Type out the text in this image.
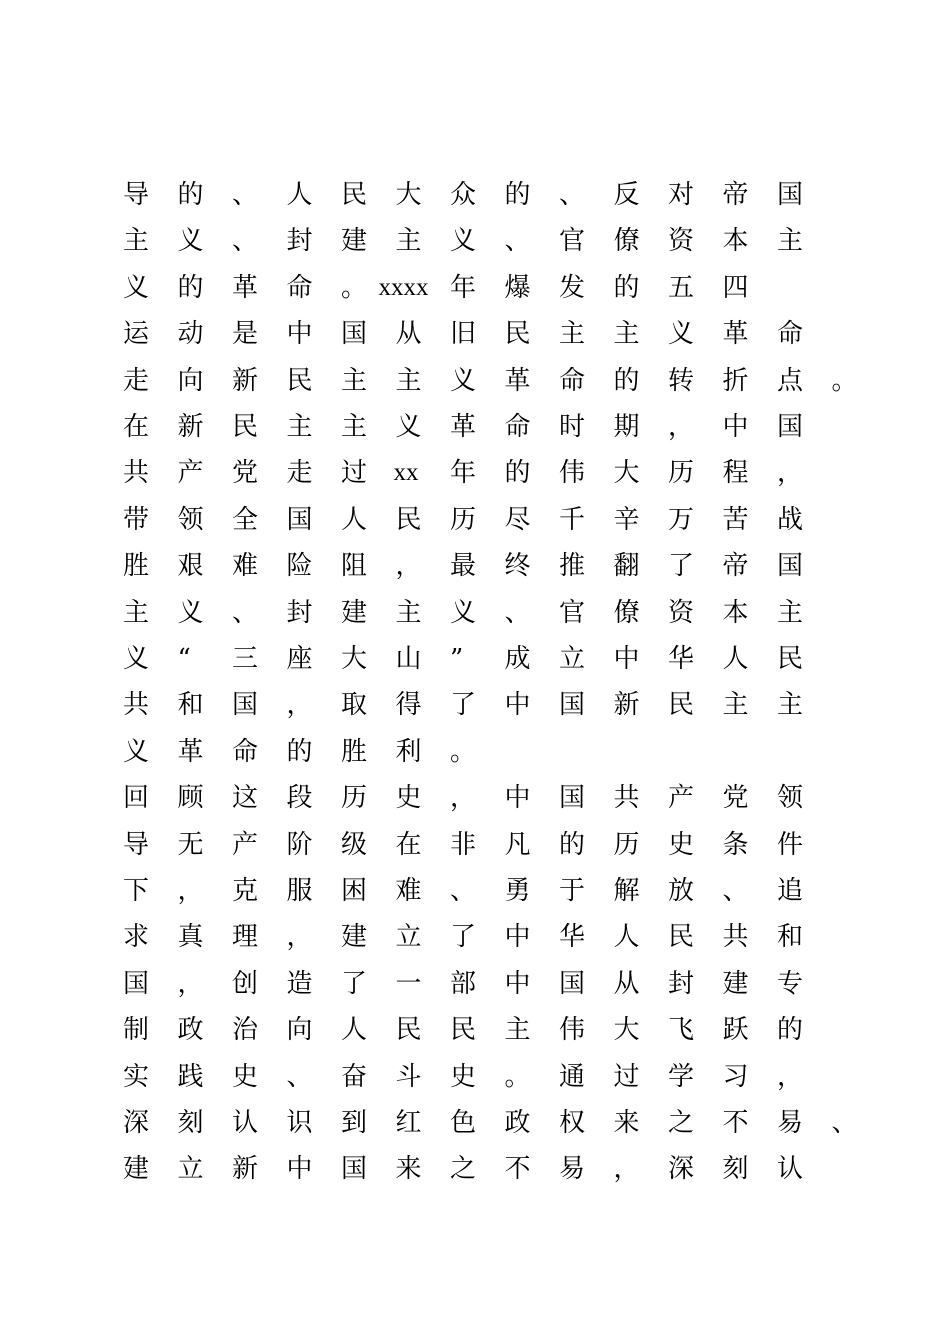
导 的 、 人 民 大 众 的 、 反 对 帝 国
主 义 、 封 建 主 义 、 官 僚 资 本 主
义 的 革 命 。 xxxx 年 爆 发 的 五 四
运 动 是 中 国 从 旧 民 主 主 义 革 命
走 向 新 民 主 主 义 革 命 的 转 折 点 。
在 新 民 主 主 义 革 命 时 期 ， 中 国
共 产 党 走 过 xx 年 的 伟 大 历 程 ，
带 领 全 国 人 民 历 尽 千 辛 万 苦 战
胜 艰 难 险 阻 ， 最 终 推 翻 了 帝 国
主 义 、 封 建 主 义 、 官 僚 资 本 主
义 “ 三 座 大 山 ” 成 立 中 华 人 民
共 和 国 ， 取 得 了 中 国 新 民 主 主
义 革 命 的 胜 利 。
回 顾 这 段 历 史 ， 中 国 共 产 党 领
导 无 产 阶 级 在 非 凡 的 历 史 条 件
下 ， 克 服 困 难 、 勇 于 解 放 、 追
求 真 理 ， 建 立 了 中 华 人 民 共 和
国 ， 创 造 了 一 部 中 国 从 封 建 专
制 政 治 向 人 民 民 主 伟 大 飞 跃 的
实 践 史 、 奋 斗 史 。 通 过 学 习 ，
深 刻 认 识 到 红 色 政 权 来 之 不 易 、
建 立 新 中 国 来 之 不 易 ， 深 刻 认
